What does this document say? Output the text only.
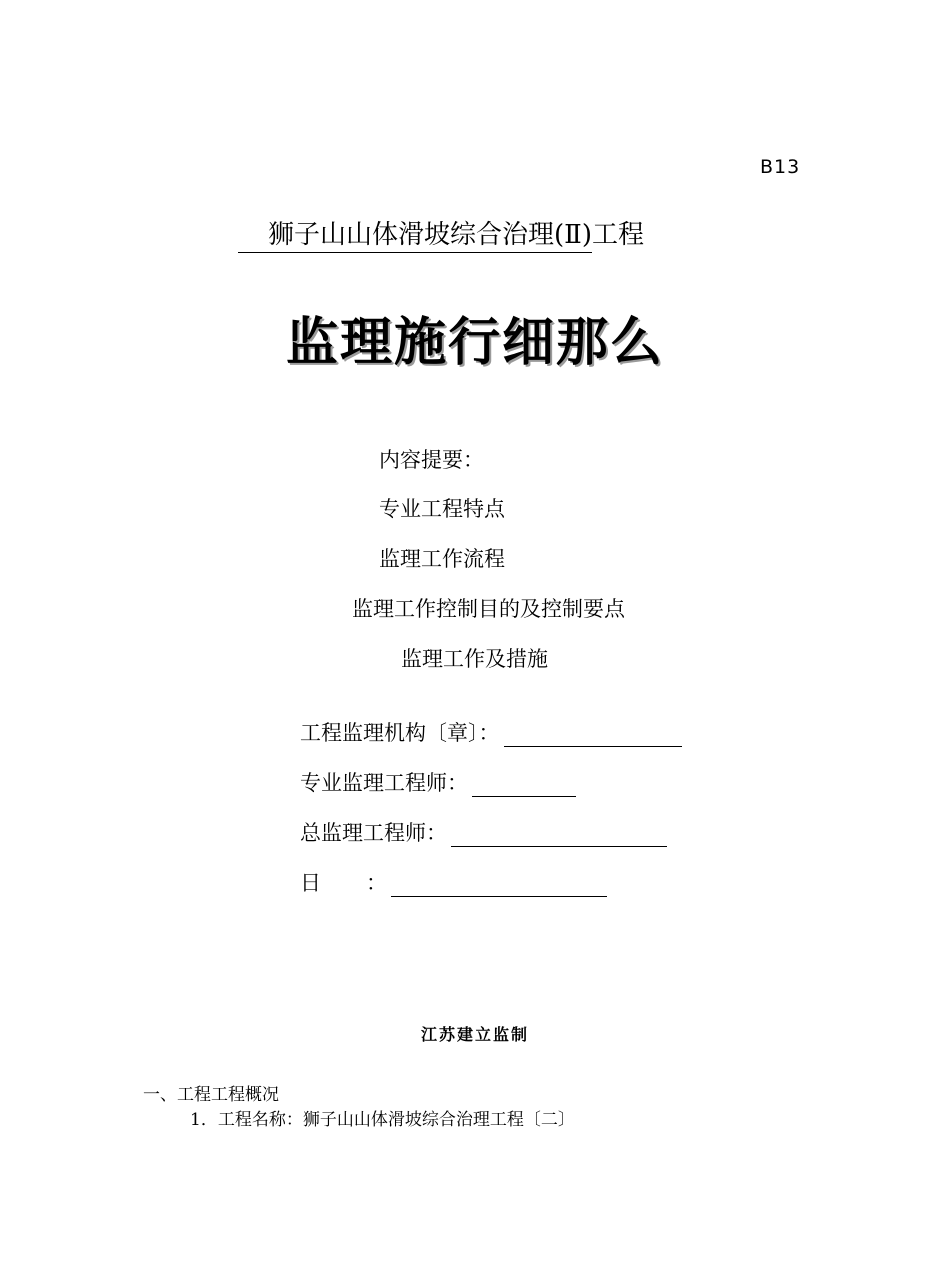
B13
狮子山山体滑坡综合治理(Ⅱ)工程
监理施行细那么
内容提要：
专业工程特点
监理工作流程
监理工作控制目的及控制要点
监理工作及措施
工程监理机构〔章〕：
专业监理工程师：
总监理工程师：
日 ：
江苏建立监制
一、工程工程概况
1．工程名称：狮子山山体滑坡综合治理工程〔二〕
